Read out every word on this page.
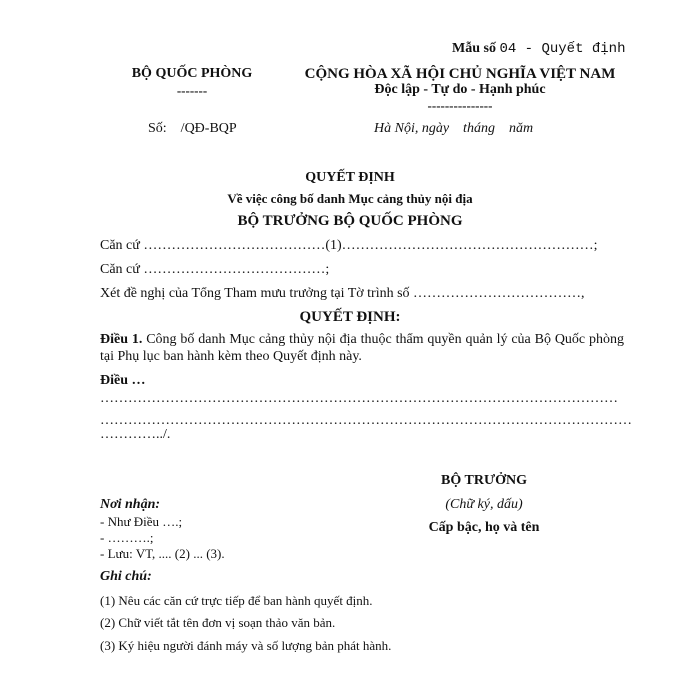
Mẫu số 04 - Quyết định
BỘ QUỐC PHÒNG
-------
CỘNG HÒA XÃ HỘI CHỦ NGHĨA VIỆT NAM
Độc lập - Tự do - Hạnh phúc
---------------
Số:    /QĐ-BQP	Hà Nội, ngày    tháng    năm
QUYẾT ĐỊNH
Về việc công bố danh Mục cảng thủy nội địa
BỘ TRƯỞNG BỘ QUỐC PHÒNG
Căn cứ …………………………………(1)………………………………………………;
Căn cứ …………………………………;
Xét đề nghị của Tổng Tham mưu trưởng tại Tờ trình số ………………………………,
QUYẾT ĐỊNH:
Điều 1. Công bố danh Mục cảng thủy nội địa thuộc thẩm quyền quản lý của Bộ Quốc phòng tại Phụ lục ban hành kèm theo Quyết định này.
Điều …
…………………………………………………………………………………………………
……………………………………………………………………………………………………
…………../.
BỘ TRƯỞNG
(Chữ ký, dấu)
Cấp bậc, họ và tên
Nơi nhận:
- Như Điều ….;
- ……….;
- Lưu: VT, .... (2) ... (3).
Ghi chú:
(1) Nêu các căn cứ trực tiếp để ban hành quyết định.
(2) Chữ viết tắt tên đơn vị soạn thảo văn bản.
(3) Ký hiệu người đánh máy và số lượng bản phát hành.
